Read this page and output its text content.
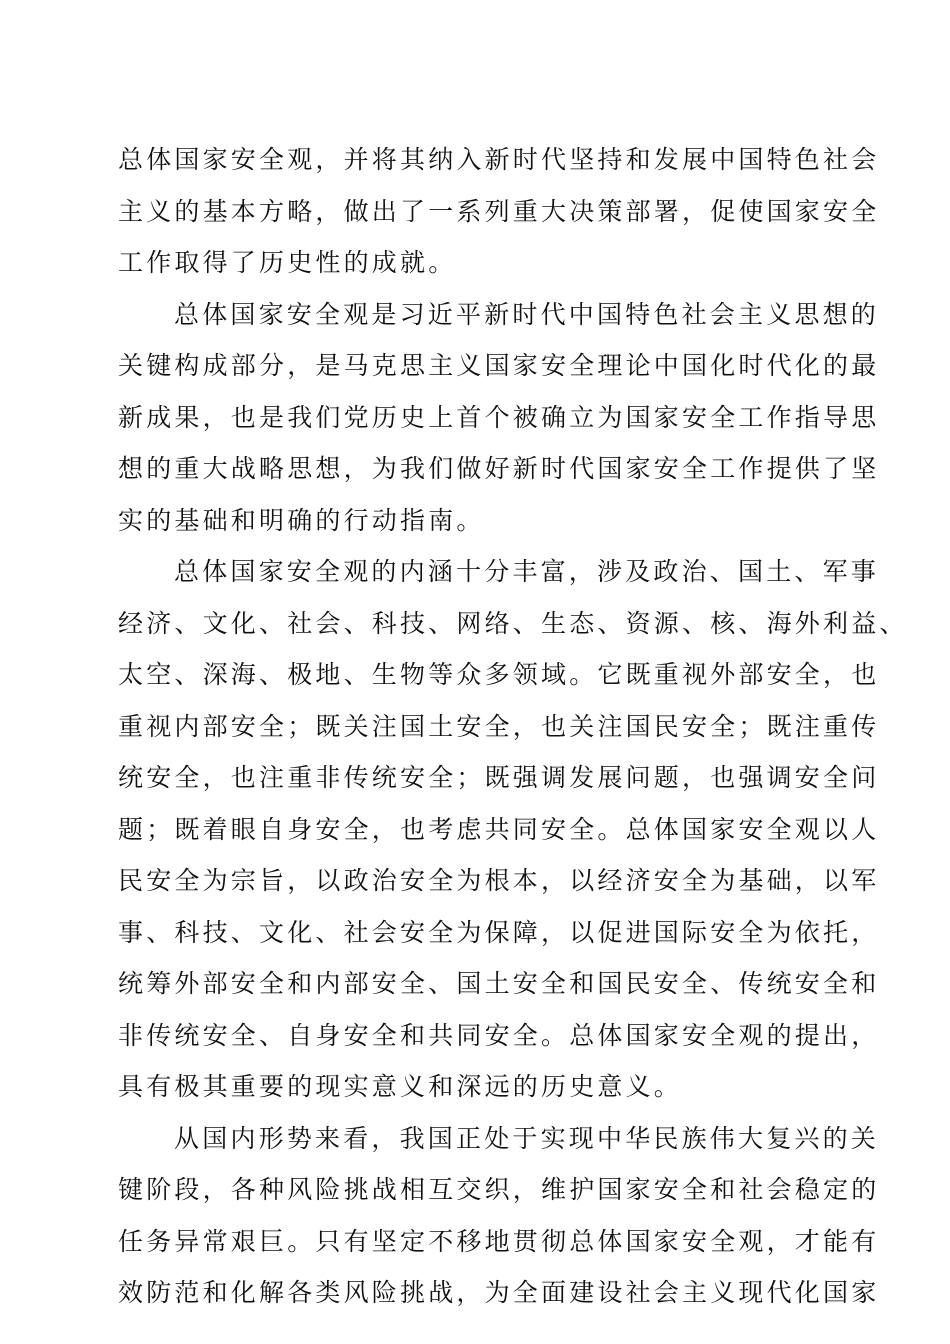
总体国家安全观，并将其纳入新时代坚持和发展中国特色社会
主义的基本方略，做出了一系列重大决策部署，促使国家安全
工作取得了历史性的成就。
总体国家安全观是习近平新时代中国特色社会主义思想的
关键构成部分，是马克思主义国家安全理论中国化时代化的最
新成果，也是我们党历史上首个被确立为国家安全工作指导思
想的重大战略思想，为我们做好新时代国家安全工作提供了坚
实的基础和明确的行动指南。
总体国家安全观的内涵十分丰富，涉及政治、国土、军事
经济、文化、社会、科技、网络、生态、资源、核、海外利益、
太空、深海、极地、生物等众多领域。它既重视外部安全，也
重视内部安全；既关注国土安全，也关注国民安全；既注重传
统安全，也注重非传统安全；既强调发展问题，也强调安全问
题；既着眼自身安全，也考虑共同安全。总体国家安全观以人
民安全为宗旨，以政治安全为根本，以经济安全为基础，以军
事、科技、文化、社会安全为保障，以促进国际安全为依托，
统筹外部安全和内部安全、国土安全和国民安全、传统安全和
非传统安全、自身安全和共同安全。总体国家安全观的提出，
具有极其重要的现实意义和深远的历史意义。
从国内形势来看，我国正处于实现中华民族伟大复兴的关
键阶段，各种风险挑战相互交织，维护国家安全和社会稳定的
任务异常艰巨。只有坚定不移地贯彻总体国家安全观，才能有
效防范和化解各类风险挑战，为全面建设社会主义现代化国家
